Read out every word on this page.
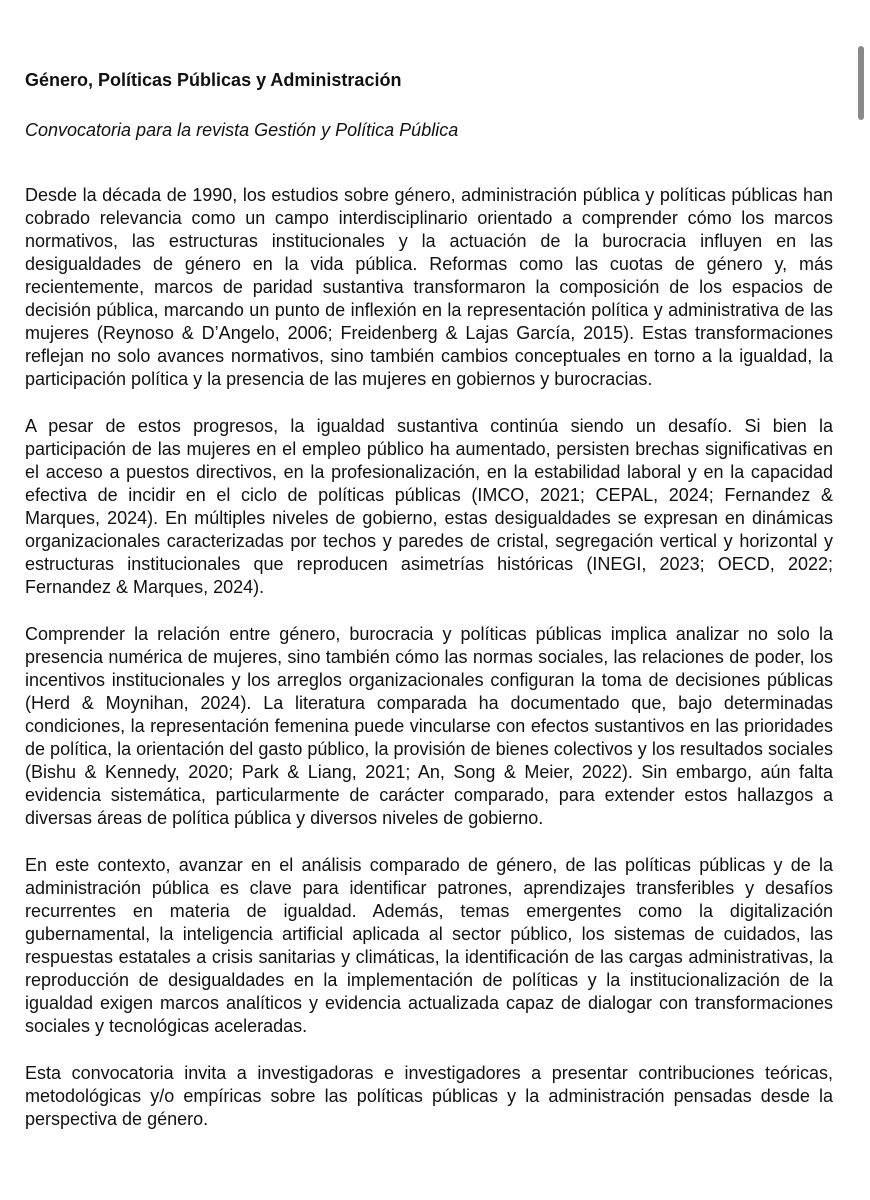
Género, Políticas Públicas y Administración

Convocatoria para la revista Gestión y Política Pública

Desde la década de 1990, los estudios sobre género, administración pública y políticas públicas han cobrado relevancia como un campo interdisciplinario orientado a comprender cómo los marcos normativos, las estructuras institucionales y la actuación de la burocracia influyen en las desigualdades de género en la vida pública. Reformas como las cuotas de género y, más recientemente, marcos de paridad sustantiva transformaron la composición de los espacios de decisión pública, marcando un punto de inflexión en la representación política y administrativa de las mujeres (Reynoso & D’Angelo, 2006; Freidenberg & Lajas García, 2015). Estas transformaciones reflejan no solo avances normativos, sino también cambios conceptuales en torno a la igualdad, la participación política y la presencia de las mujeres en gobiernos y burocracias.

A pesar de estos progresos, la igualdad sustantiva continúa siendo un desafío. Si bien la participación de las mujeres en el empleo público ha aumentado, persisten brechas significativas en el acceso a puestos directivos, en la profesionalización, en la estabilidad laboral y en la capacidad efectiva de incidir en el ciclo de políticas públicas (IMCO, 2021; CEPAL, 2024; Fernandez & Marques, 2024). En múltiples niveles de gobierno, estas desigualdades se expresan en dinámicas organizacionales caracterizadas por techos y paredes de cristal, segregación vertical y horizontal y estructuras institucionales que reproducen asimetrías históricas (INEGI, 2023; OECD, 2022; Fernandez & Marques, 2024).

Comprender la relación entre género, burocracia y políticas públicas implica analizar no solo la presencia numérica de mujeres, sino también cómo las normas sociales, las relaciones de poder, los incentivos institucionales y los arreglos organizacionales configuran la toma de decisiones públicas (Herd & Moynihan, 2024). La literatura comparada ha documentado que, bajo determinadas condiciones, la representación femenina puede vincularse con efectos sustantivos en las prioridades de política, la orientación del gasto público, la provisión de bienes colectivos y los resultados sociales (Bishu & Kennedy, 2020; Park & Liang, 2021; An, Song & Meier, 2022). Sin embargo, aún falta evidencia sistemática, particularmente de carácter comparado, para extender estos hallazgos a diversas áreas de política pública y diversos niveles de gobierno.

En este contexto, avanzar en el análisis comparado de género, de las políticas públicas y de la administración pública es clave para identificar patrones, aprendizajes transferibles y desafíos recurrentes en materia de igualdad. Además, temas emergentes como la digitalización gubernamental, la inteligencia artificial aplicada al sector público, los sistemas de cuidados, las respuestas estatales a crisis sanitarias y climáticas, la identificación de las cargas administrativas, la reproducción de desigualdades en la implementación de políticas y la institucionalización de la igualdad exigen marcos analíticos y evidencia actualizada capaz de dialogar con transformaciones sociales y tecnológicas aceleradas.

Esta convocatoria invita a investigadoras e investigadores a presentar contribuciones teóricas, metodológicas y/o empíricas sobre las políticas públicas y la administración pensadas desde la perspectiva de género.
